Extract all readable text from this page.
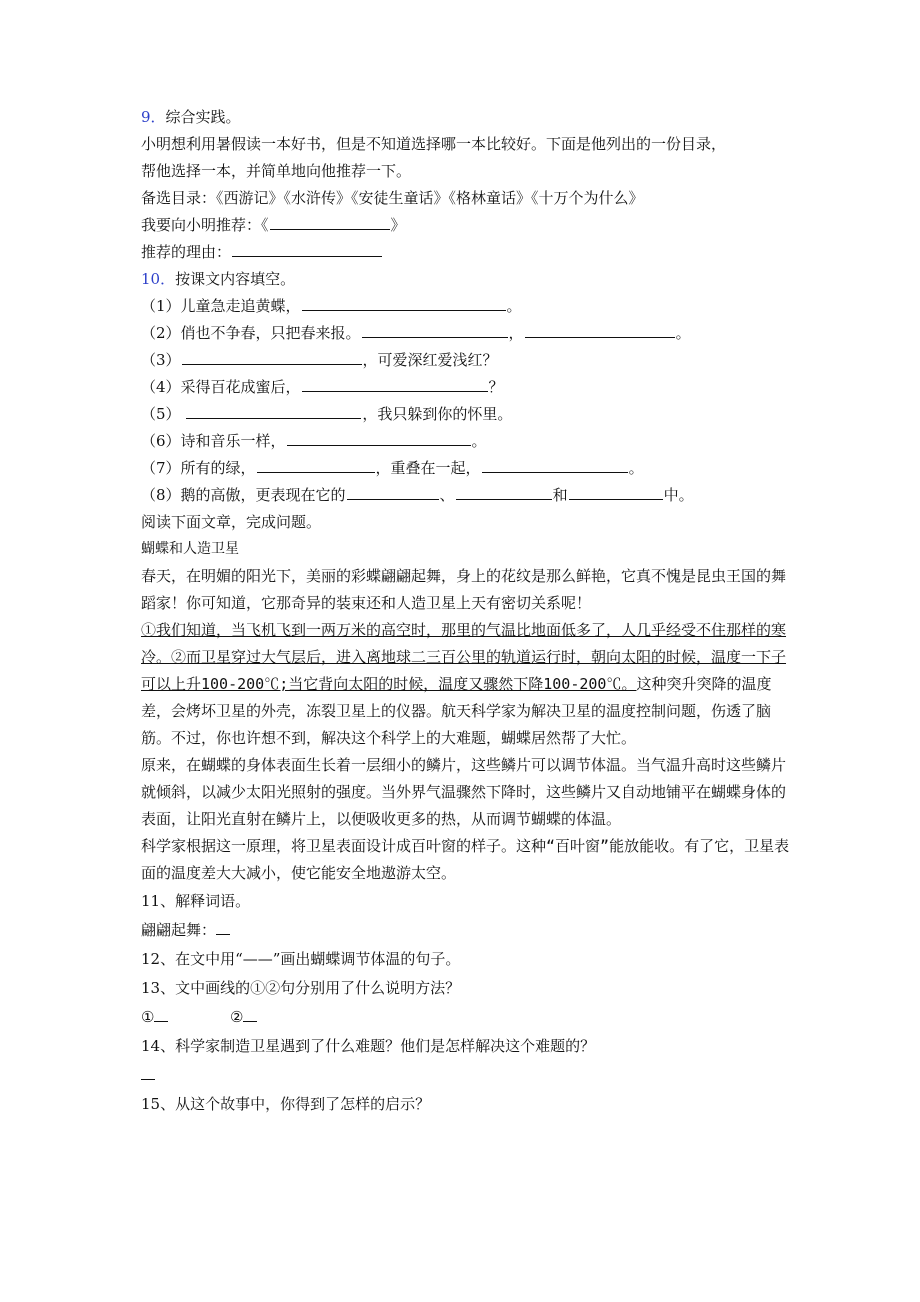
9．综合实践。
小明想利用暑假读一本好书，但是不知道选择哪一本比较好。下面是他列出的一份目录，
帮他选择一本，并简单地向他推荐一下。
备选目录：《西游记》《水浒传》《安徒生童话》《格林童话》《十万个为什么》
我要向小明推荐：《	》
推荐的理由：
10．按课文内容填空。
（1）儿童急走追黄蝶，	。
（2）俏也不争春，只把春来报。	，	。
（3）	，可爱深红爱浅红？
（4）采得百花成蜜后，	？
（5）	，我只躲到你的怀里。
（6）诗和音乐一样，	。
（7）所有的绿，	，重叠在一起，	。
（8）鹅的高傲，更表现在它的	、	和	中。
阅读下面文章，完成问题。

蝴蝶和人造卫星

春天，在明媚的阳光下，美丽的彩蝶翩翩起舞，身上的花纹是那么鲜艳，它真不愧是昆虫王国的舞蹈家！你可知道，它那奇异的装束还和人造卫星上天有密切关系呢！

①我们知道，当飞机飞到一两万米的高空时，那里的气温比地面低多了，人几乎经受不住那样的寒冷。②而卫星穿过大气层后，进入离地球二三百公里的轨道运行时，朝向太阳的时候，温度一下子可以上升100-200℃;当它背向太阳的时候，温度又骤然下降100-200℃。这种突升突降的温度差，会烤坏卫星的外壳，冻裂卫星上的仪器。航天科学家为解决卫星的温度控制问题，伤透了脑筋。不过，你也许想不到，解决这个科学上的大难题，蝴蝶居然帮了大忙。

原来，在蝴蝶的身体表面生长着一层细小的鳞片，这些鳞片可以调节体温。当气温升高时这些鳞片就倾斜，以减少太阳光照射的强度。当外界气温骤然下降时，这些鳞片又自动地铺平在蝴蝶身体的表面，让阳光直射在鳞片上，以便吸收更多的热，从而调节蝴蝶的体温。

科学家根据这一原理，将卫星表面设计成百叶窗的样子。这种“百叶窗”能放能收。有了它，卫星表面的温度差大大减小，使它能安全地遨游太空。

11、解释词语。
翩翩起舞：
12、在文中用“——”画出蝴蝶调节体温的句子。
13、文中画线的①②句分别用了什么说明方法？
①	②
14、科学家制造卫星遇到了什么难题？他们是怎样解决这个难题的？
15、从这个故事中，你得到了怎样的启示？
